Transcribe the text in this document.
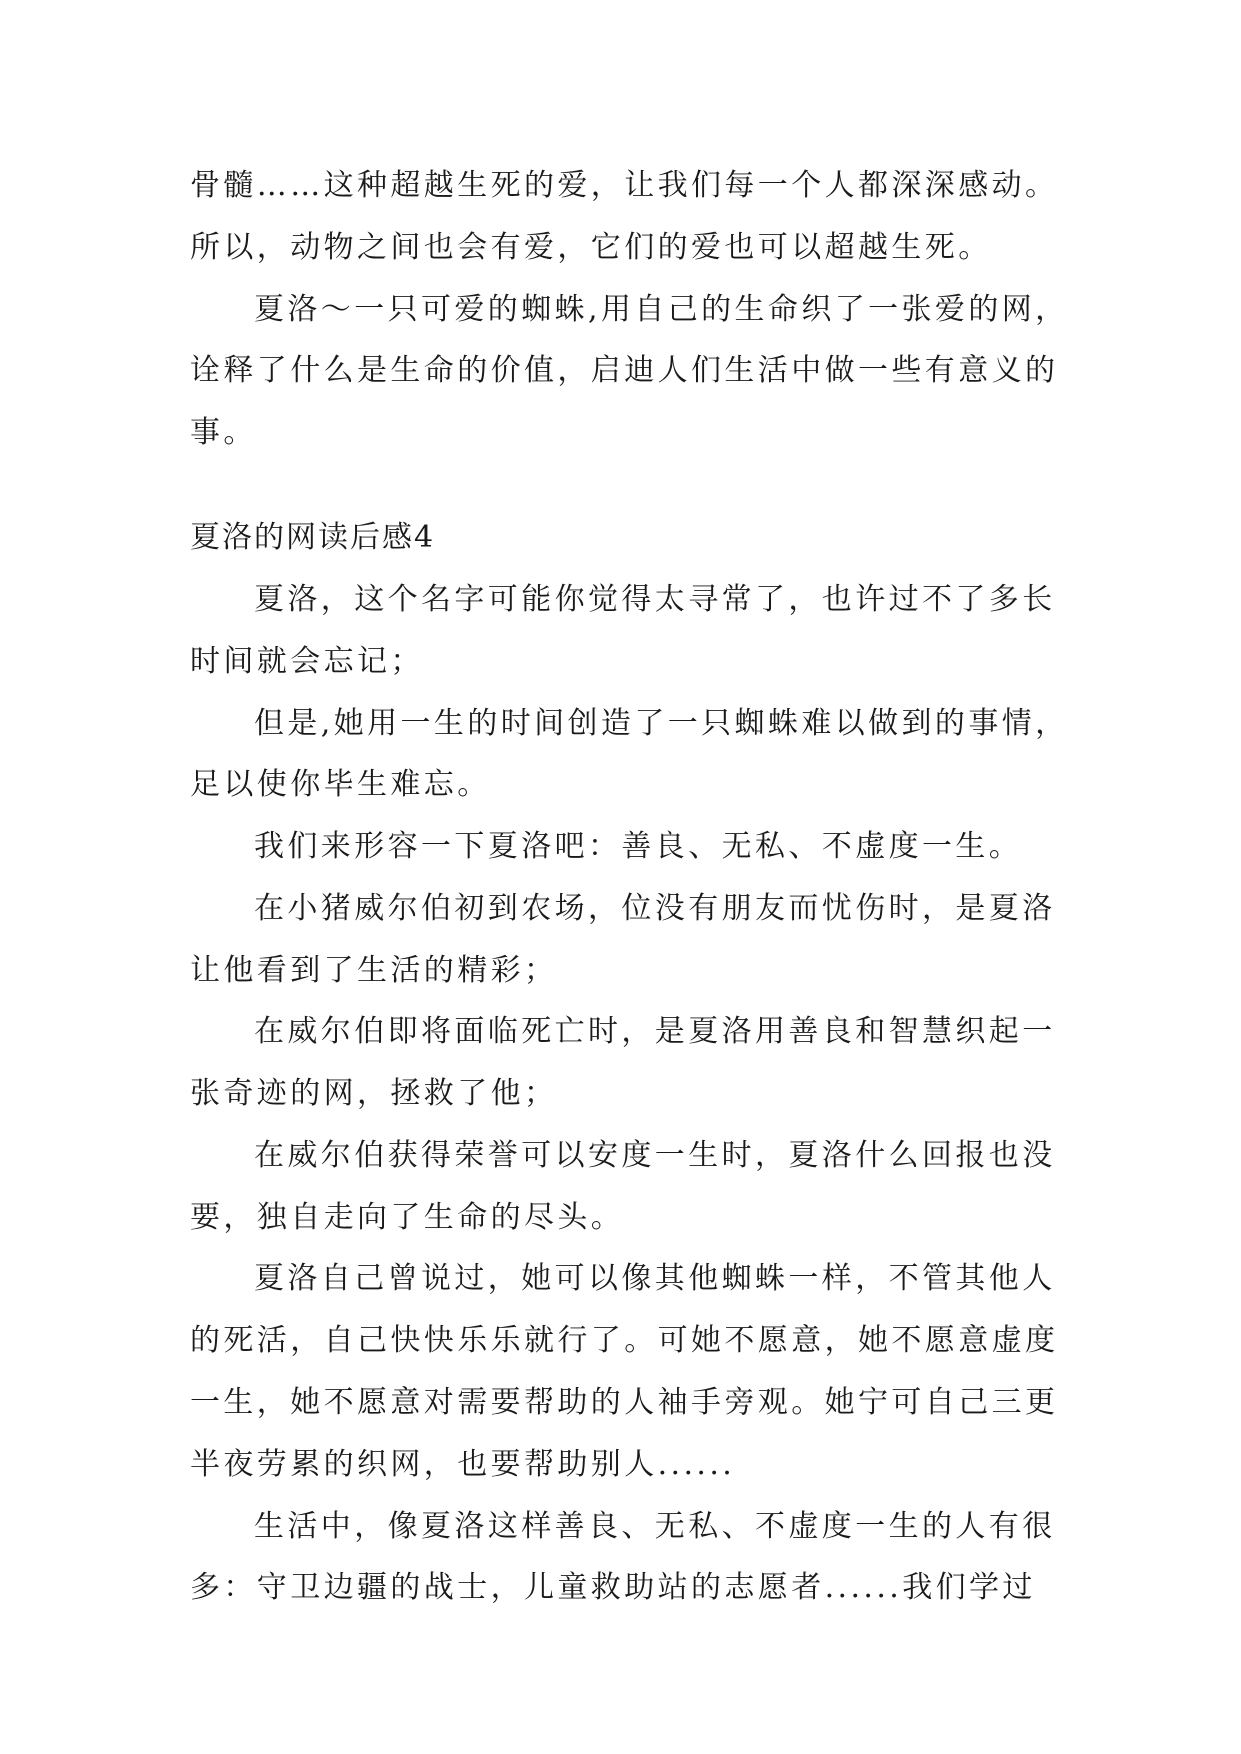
骨髓……这种超越生死的爱，让我们每一个人都深深感动。
所以，动物之间也会有爱，它们的爱也可以超越生死。
夏洛～一只可爱的蜘蛛,用自己的生命织了一张爱的网，
诠释了什么是生命的价值，启迪人们生活中做一些有意义的
事。
夏洛的网读后感4
夏洛，这个名字可能你觉得太寻常了，也许过不了多长
时间就会忘记；
但是,她用一生的时间创造了一只蜘蛛难以做到的事情，
足以使你毕生难忘。
我们来形容一下夏洛吧：善良、无私、不虚度一生。
在小猪威尔伯初到农场，位没有朋友而忧伤时，是夏洛
让他看到了生活的精彩；
在威尔伯即将面临死亡时，是夏洛用善良和智慧织起一
张奇迹的网，拯救了他；
在威尔伯获得荣誉可以安度一生时，夏洛什么回报也没
要，独自走向了生命的尽头。
夏洛自己曾说过，她可以像其他蜘蛛一样，不管其他人
的死活，自己快快乐乐就行了。可她不愿意，她不愿意虚度
一生，她不愿意对需要帮助的人袖手旁观。她宁可自己三更
半夜劳累的织网，也要帮助别人......
生活中，像夏洛这样善良、无私、不虚度一生的人有很
多：守卫边疆的战士，儿童救助站的志愿者......我们学过
